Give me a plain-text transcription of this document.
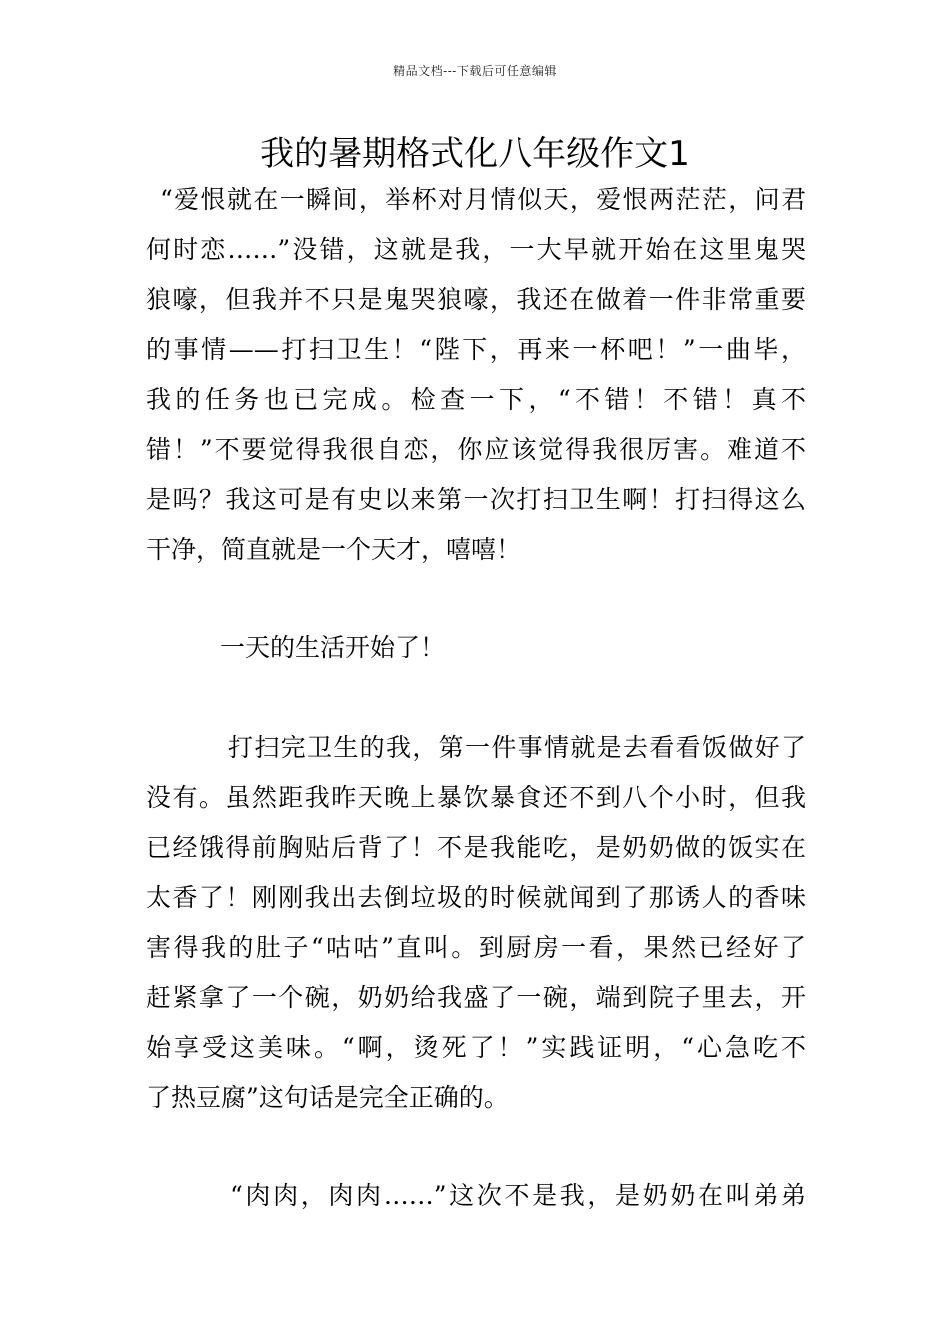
精品文档---下载后可任意编辑
我的暑期格式化八年级作文1
“爱恨就在一瞬间，举杯对月情似天，爱恨两茫茫，问君
何时恋……”没错，这就是我，一大早就开始在这里鬼哭
狼嚎，但我并不只是鬼哭狼嚎，我还在做着一件非常重要
的事情——打扫卫生！“陛下，再来一杯吧！”一曲毕，
我的任务也已完成。检查一下，“不错！不错！真不
错！”不要觉得我很自恋，你应该觉得我很厉害。难道不
是吗？我这可是有史以来第一次打扫卫生啊！打扫得这么
干净，简直就是一个天才，嘻嘻！
一天的生活开始了！
打扫完卫生的我，第一件事情就是去看看饭做好了
没有。虽然距我昨天晚上暴饮暴食还不到八个小时，但我
已经饿得前胸贴后背了！不是我能吃，是奶奶做的饭实在
太香了！刚刚我出去倒垃圾的时候就闻到了那诱人的香味
害得我的肚子“咕咕”直叫。到厨房一看，果然已经好了
赶紧拿了一个碗，奶奶给我盛了一碗，端到院子里去，开
始享受这美味。“啊，烫死了！”实践证明，“心急吃不
了热豆腐”这句话是完全正确的。
“肉肉，肉肉……”这次不是我，是奶奶在叫弟弟
